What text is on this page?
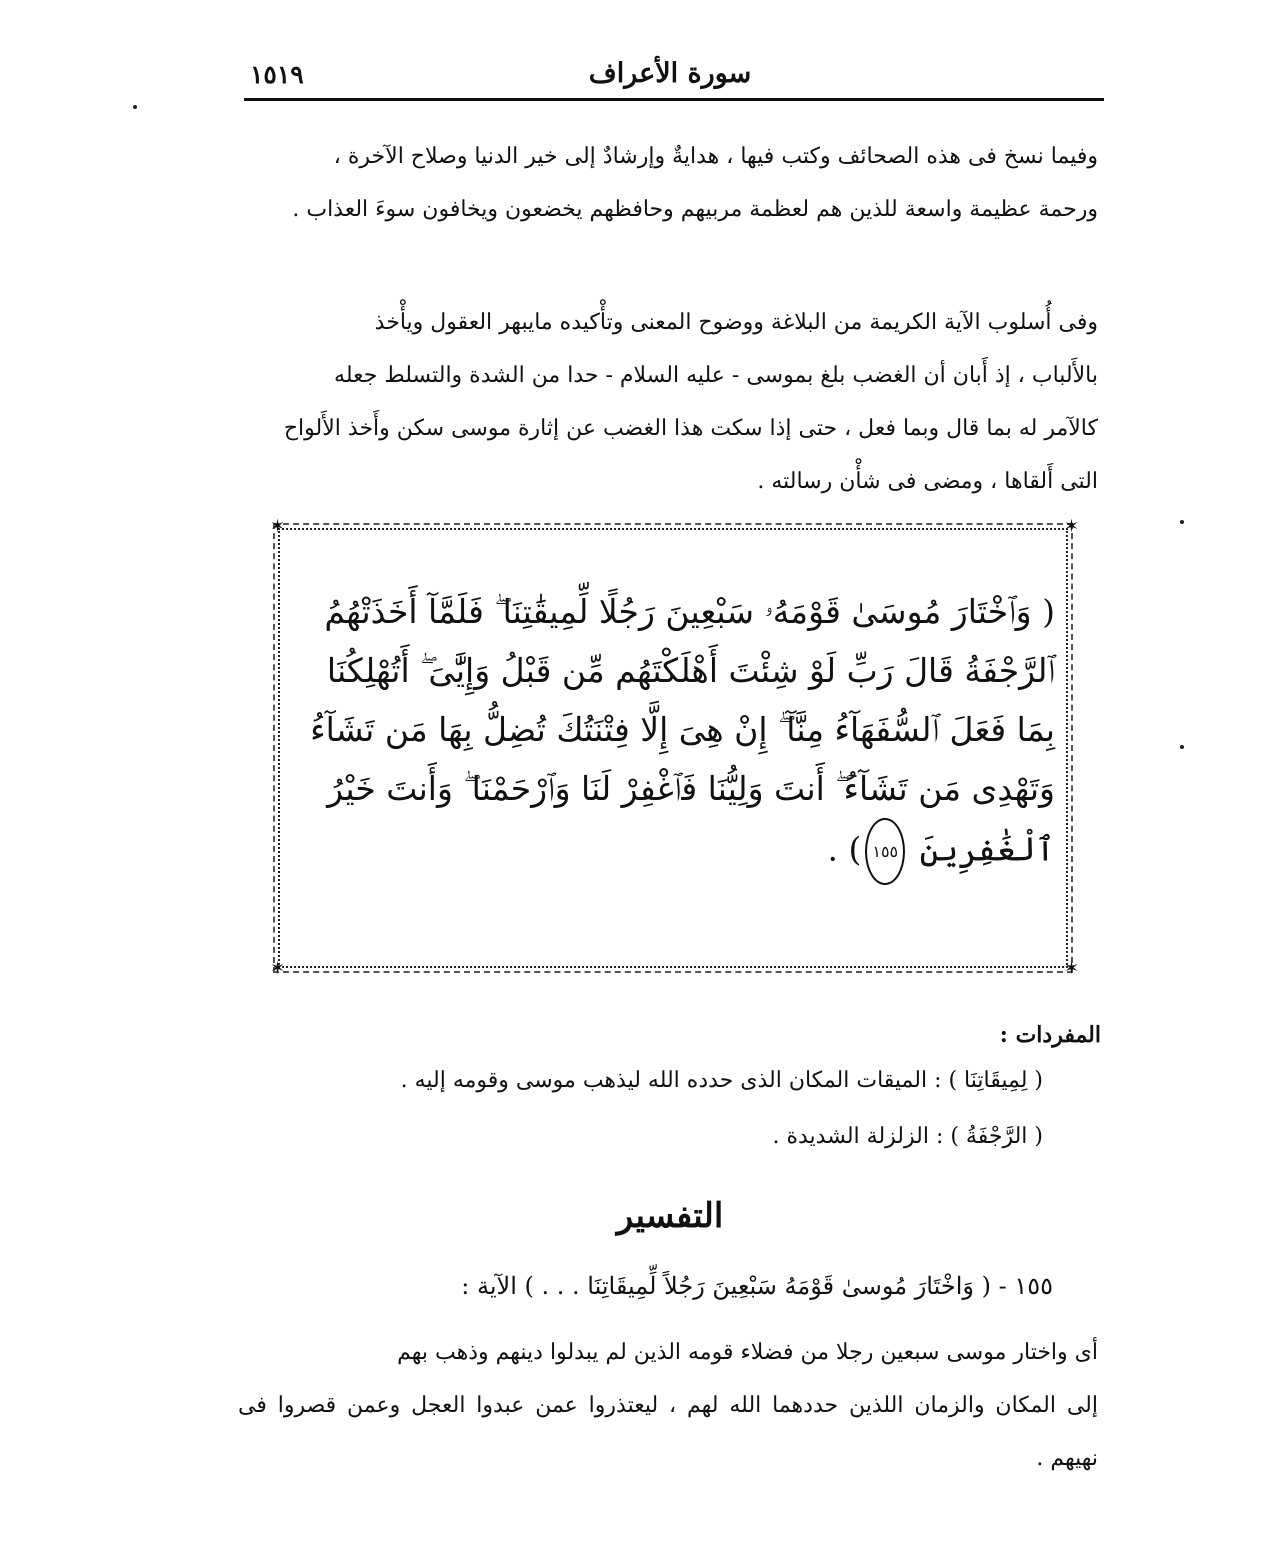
سورة الأعراف
١٥١٩

وفيما نسخ فى هذه الصحائف وكتب فيها ، هدايةٌ وإرشادٌ إلى خير الدنيا وصلاح الآخرة ،

ورحمة عظيمة واسعة للذين هم لعظمة مربيهم وحافظهم يخضعون ويخافون سوءَ العذاب .

وفى أُسلوب الآية الكريمة من البلاغة ووضوح المعنى وتأْكيده مايبهر العقول ويأْخذ

بالأَلباب ، إذ أَبان أن الغضب بلغ بموسى - عليه السلام - حدا من الشدة والتسلط جعله

كالآمر له بما قال وبما فعل ، حتى إذا سكت هذا الغضب عن إثارة موسى سكن وأَخذ الأَلواح

التى أَلقاها ، ومضى فى شأْن رسالته .

✶	✶
✶	✶
( وَٱخْتَارَ مُوسَىٰ قَوْمَهُۥ سَبْعِينَ رَجُلًا لِّمِيقَٰتِنَا ۖ فَلَمَّآ أَخَذَتْهُمُ
ٱلرَّجْفَةُ قَالَ رَبِّ لَوْ شِئْتَ أَهْلَكْتَهُم مِّن قَبْلُ وَإِيَّٰىَ ۖ أَتُهْلِكُنَا
بِمَا فَعَلَ ٱلسُّفَهَآءُ مِنَّآ ۖ إِنْ هِىَ إِلَّا فِتْنَتُكَ تُضِلُّ بِهَا مَن تَشَآءُ
وَتَهْدِى مَن تَشَآءُ ۖ أَنتَ وَلِيُّنَا فَٱغْفِرْ لَنَا وَٱرْحَمْنَا ۖ وَأَنتَ خَيْرُ
ٱلْغَٰفِرِينَ ١٥٥) .
المفردات :
( لِمِيقَاتِنَا ) : الميقات المكان الذى حدده الله ليذهب موسى وقومه إليه .
( الرَّجْفَةُ ) : الزلزلة الشديدة .
التفسير
١٥٥ - ( وَاخْتَارَ مُوسىٰ قَوْمَهُ سَبْعِينَ رَجُلاً لِّمِيقَاتِنَا . . . ) الآية :

أى واختار موسى سبعين رجلا من فضلاء قومه الذين لم يبدلوا دينهم وذهب بهم

إلى المكان والزمان اللذين حددهما الله لهم ، ليعتذروا عمن عبدوا العجل وعمن قصروا فى نهيهم .
